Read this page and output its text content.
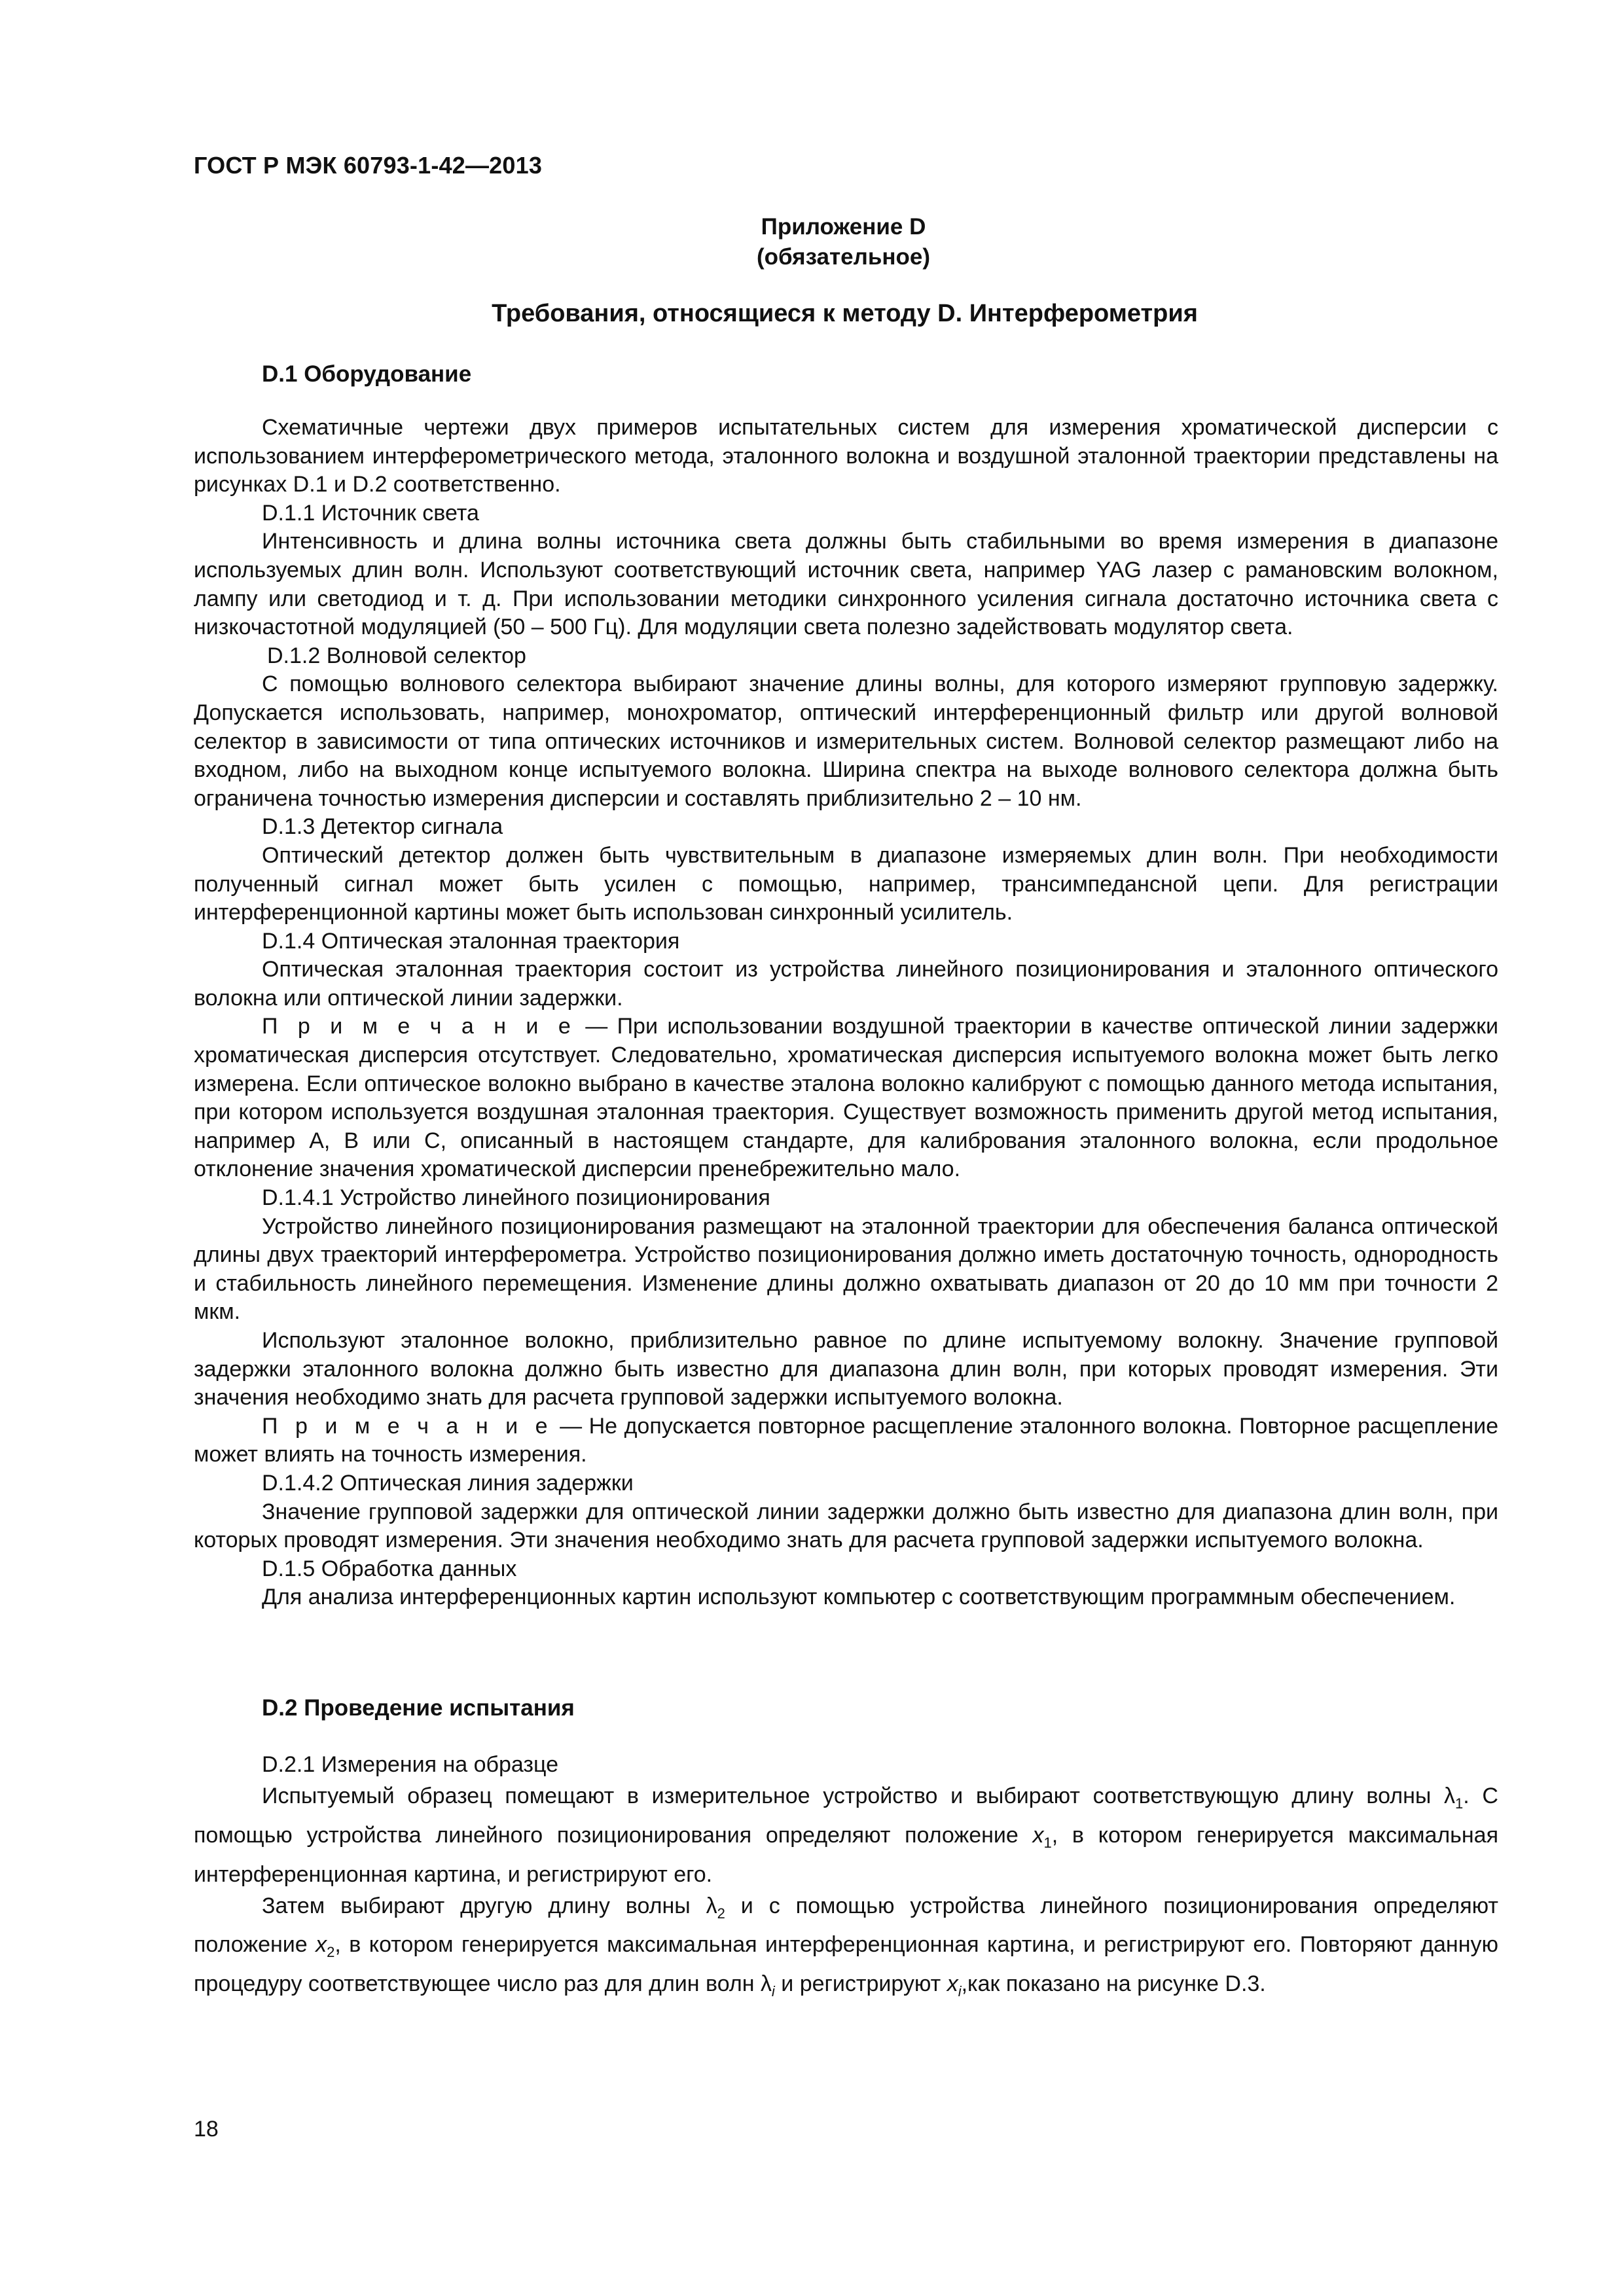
ГОСТ Р МЭК 60793-1-42—2013
Приложение D
(обязательное)
Требования, относящиеся к методу D. Интерферометрия
D.1 Оборудование

Схематичные чертежи двух примеров испытательных систем для измерения хроматической дисперсии с использованием интерферометрического метода, эталонного волокна и воздушной эталонной траектории представлены на рисунках D.1 и D.2 соответственно.

D.1.1 Источник света

Интенсивность и длина волны источника света должны быть стабильными во время измерения в диапазоне используемых длин волн. Используют соответствующий источник света, например YAG лазер с рамановским волокном, лампу или светодиод и т. д. При использовании методики синхронного усиления сигнала достаточно источника света с низкочастотной модуляцией (50 – 500 Гц). Для модуляции света полезно задействовать модулятор света.

D.1.2 Волновой селектор

С помощью волнового селектора выбирают значение длины волны, для которого измеряют групповую задержку. Допускается использовать, например, монохроматор, оптический интерференционный фильтр или другой волновой селектор в зависимости от типа оптических источников и измерительных систем. Волновой селектор размещают либо на входном, либо на выходном конце испытуемого волокна. Ширина спектра на выходе волнового селектора должна быть ограничена точностью измерения дисперсии и составлять приблизительно 2 – 10 нм.

D.1.3 Детектор сигнала

Оптический детектор должен быть чувствительным в диапазоне измеряемых длин волн. При необходимости полученный сигнал может быть усилен с помощью, например, трансимпедансной цепи. Для регистрации интерференционной картины может быть использован синхронный усилитель.

D.1.4 Оптическая эталонная траектория

Оптическая эталонная траектория состоит из устройства линейного позиционирования и эталонного оптического волокна или оптической линии задержки.

П р и м е ч а н и е — При использовании воздушной траектории в качестве оптической линии задержки хроматическая дисперсия отсутствует. Следовательно, хроматическая дисперсия испытуемого волокна может быть легко измерена. Если оптическое волокно выбрано в качестве эталона волокно калибруют с помощью данного метода испытания, при котором используется воздушная эталонная траектория. Существует возможность применить другой метод испытания, например А, В или С, описанный в настоящем стандарте, для калибрования эталонного волокна, если продольное отклонение значения хроматической дисперсии пренебрежительно мало.

D.1.4.1 Устройство линейного позиционирования

Устройство линейного позиционирования размещают на эталонной траектории для обеспечения баланса оптической длины двух траекторий интерферометра. Устройство позиционирования должно иметь достаточную точность, однородность и стабильность линейного перемещения. Изменение длины должно охватывать диапазон от 20 до 10 мм при точности 2 мкм.

Используют эталонное волокно, приблизительно равное по длине испытуемому волокну. Значение групповой задержки эталонного волокна должно быть известно для диапазона длин волн, при которых проводят измерения. Эти значения необходимо знать для расчета групповой задержки испытуемого волокна.

П р и м е ч а н и е — Не допускается повторное расщепление эталонного волокна. Повторное расщепление может влиять на точность измерения.

D.1.4.2 Оптическая линия задержки

Значение групповой задержки для оптической линии задержки должно быть известно для диапазона длин волн, при которых проводят измерения. Эти значения необходимо знать для расчета групповой задержки испытуемого волокна.

D.1.5 Обработка данных

Для анализа интерференционных картин используют компьютер с соответствующим программным обеспечением.

D.2 Проведение испытания

D.2.1 Измерения на образце

Испытуемый образец помещают в измерительное устройство и выбирают соответствующую длину волны $\lambda_1$. С помощью устройства линейного позиционирования определяют положение $x_1$, в котором генерируется максимальная интерференционная картина, и регистрируют его.

Затем выбирают другую длину волны $\lambda_2$ и с помощью устройства линейного позиционирования определяют положение $x_2$, в котором генерируется максимальная интерференционная картина, и регистрируют его. Повторяют данную процедуру соответствующее число раз для длин волн $\lambda_i$ и регистрируют $x_i,как$ показано на рисунке D.3.

18
